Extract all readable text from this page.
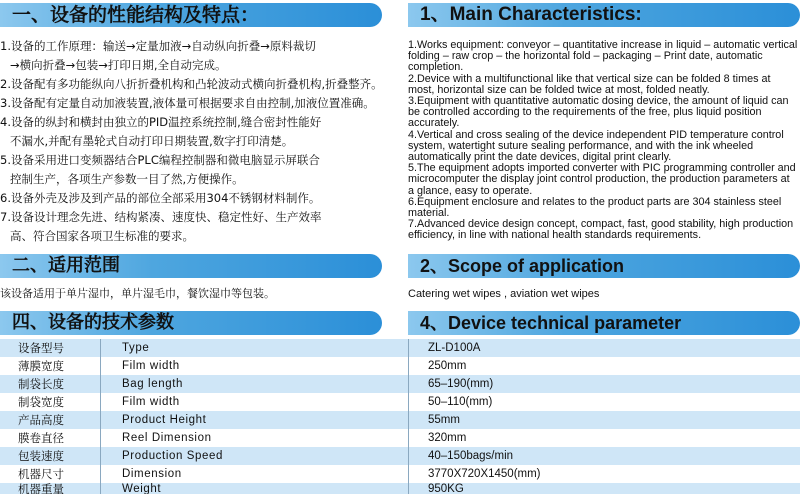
一、设备的性能结构及特点：	1、Main Characteristics:
1.设备的工作原理：输送→定量加液→自动纵向折叠→原料裁切
→横向折叠→包装→打印日期,全自动完成。
2.设备配有多功能纵向八折折叠机构和凸轮波动式横向折叠机构,折叠整齐。
3.设备配有定量自动加液装置,液体量可根据要求自由控制,加液位置准确。
4.设备的纵封和横封由独立的PID温控系统控制,缝合密封性能好
不漏水,并配有墨轮式自动打印日期装置,数字打印清楚。
5.设备采用进口变频器结合PLC编程控制器和微电脑显示屏联合
控制生产，各项生产参数一目了然,方便操作。
6.设备外壳及涉及到产品的部位全部采用304不锈钢材料制作。
7.设备设计理念先进、结构紧凑、速度快、稳定性好、生产效率
高、符合国家各项卫生标准的要求。

1.Works equipment: conveyor – quantitative increase in liquid – automatic vertical folding – raw crop – the horizontal fold – packaging – Print date, automatic completion.

2.Device with a multifunctional like that vertical size can be folded 8 times at most, horizontal size can be folded twice at most, folded neatly.

3.Equipment with quantitative automatic dosing device, the amount of liquid can be controlled according to the requirements of the free, plus liquid position accurately.

4.Vertical and cross sealing of the device independent PID temperature control system, watertight suture sealing performance, and with the ink wheeled automatically print the date devices, digital print clearly.

5.The equipment adopts imported converter with PIC programming controller and microcomputer the display joint control production, the production parameters at a glance, easy to operate.

6.Equipment enclosure and relates to the product parts are 304 stainless steel material.

7.Advanced device design concept, compact, fast, good stability, high production efficiency, in line with national health standards requirements.

二、适用范围	2、Scope of application
该设备适用于单片湿巾，单片湿毛巾，餐饮湿巾等包装。	Catering wet wipes , aviation wet wipes
四、设备的技术参数	4、Device technical parameter
设备型号	Type	ZL-D100A
薄膜宽度	Film width	250mm
制袋长度	Bag length	65–190(mm)
制袋宽度	Film width	50–110(mm)
产品高度	Product Height	55mm
膜卷直径	Reel Dimension	320mm
包装速度	Production Speed	40–150bags/min
机器尺寸	Dimension	3770X720X1450(mm)
机器重量	Weight	950KG
